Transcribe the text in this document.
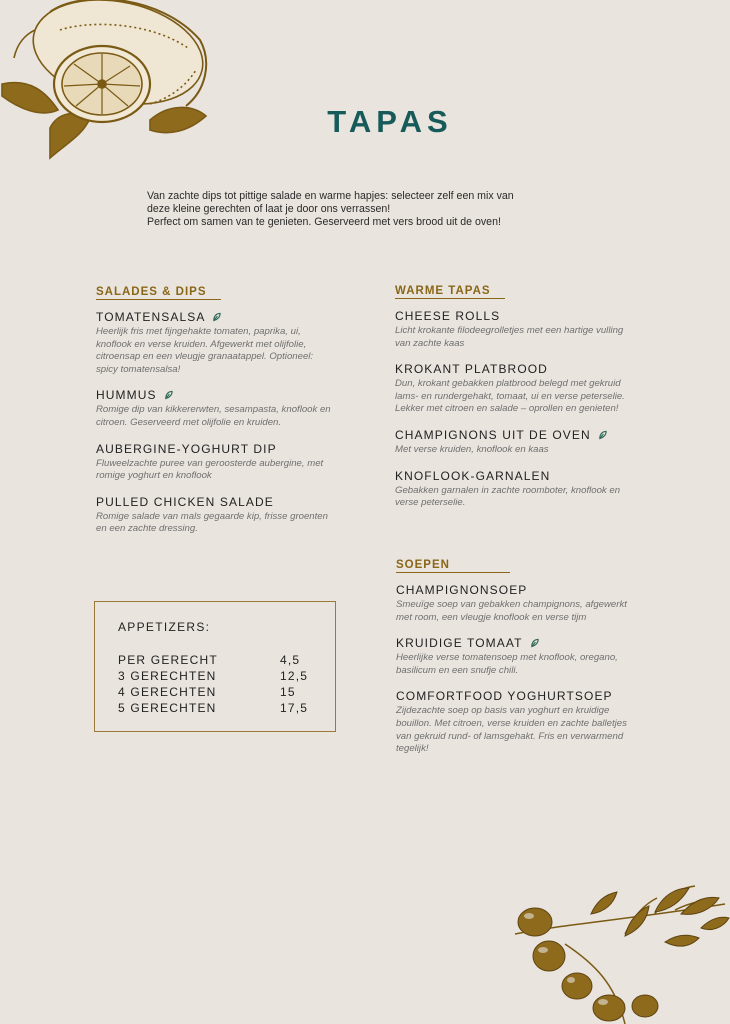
TAPAS

Van zachte dips tot pittige salade en warme hapjes: selecteer zelf een mix van

deze kleine gerechten of laat je door ons verrassen!

Perfect om samen van te genieten. Geserveerd met vers brood uit de oven!

SALADES & DIPS
TOMATENSALSA

Heerlijk fris met fijngehakte tomaten, paprika, ui, knoflook en verse kruiden. Afgewerkt met olijfolie, citroensap en een vleugje granaatappel. Optioneel: spicy tomatensalsa!

HUMMUS

Romige dip van kikkererwten, sesampasta, knoflook en citroen. Geserveerd met olijfolie en kruiden.

AUBERGINE-YOGHURT DIP

Fluweelzachte puree van geroosterde aubergine, met romige yoghurt en knoflook

PULLED CHICKEN SALADE

Romige salade van mals gegaarde kip, frisse groenten en een zachte dressing.

WARME TAPAS
CHEESE ROLLS

Licht krokante filodeegrolletjes met een hartige vulling van zachte kaas

KROKANT PLATBROOD

Dun, krokant gebakken platbrood belegd met gekruid lams- en rundergehakt, tomaat, ui en verse peterselie. Lekker met citroen en salade – oprollen en genieten!

CHAMPIGNONS UIT DE OVEN

Met verse kruiden, knoflook en kaas

KNOFLOOK-GARNALEN

Gebakken garnalen in zachte roomboter, knoflook en verse peterselie.

SOEPEN
CHAMPIGNONSOEP

Smeuïge soep van gebakken champignons, afgewerkt met room, een vleugje knoflook en verse tijm

KRUIDIGE TOMAAT

Heerlijke verse tomatensoep met knoflook, oregano, basilicum en een snufje chili.

COMFORTFOOD YOGHURTSOEP

Zijdezachte soep op basis van yoghurt en kruidige bouillon. Met citroen, verse kruiden en zachte balletjes van gekruid rund- of lamsgehakt. Fris en verwarmend tegelijk!

APPETIZERS:
PER GERECHT	4,5
3 GERECHTEN	12,5
4 GERECHTEN	15
5 GERECHTEN	17,5
